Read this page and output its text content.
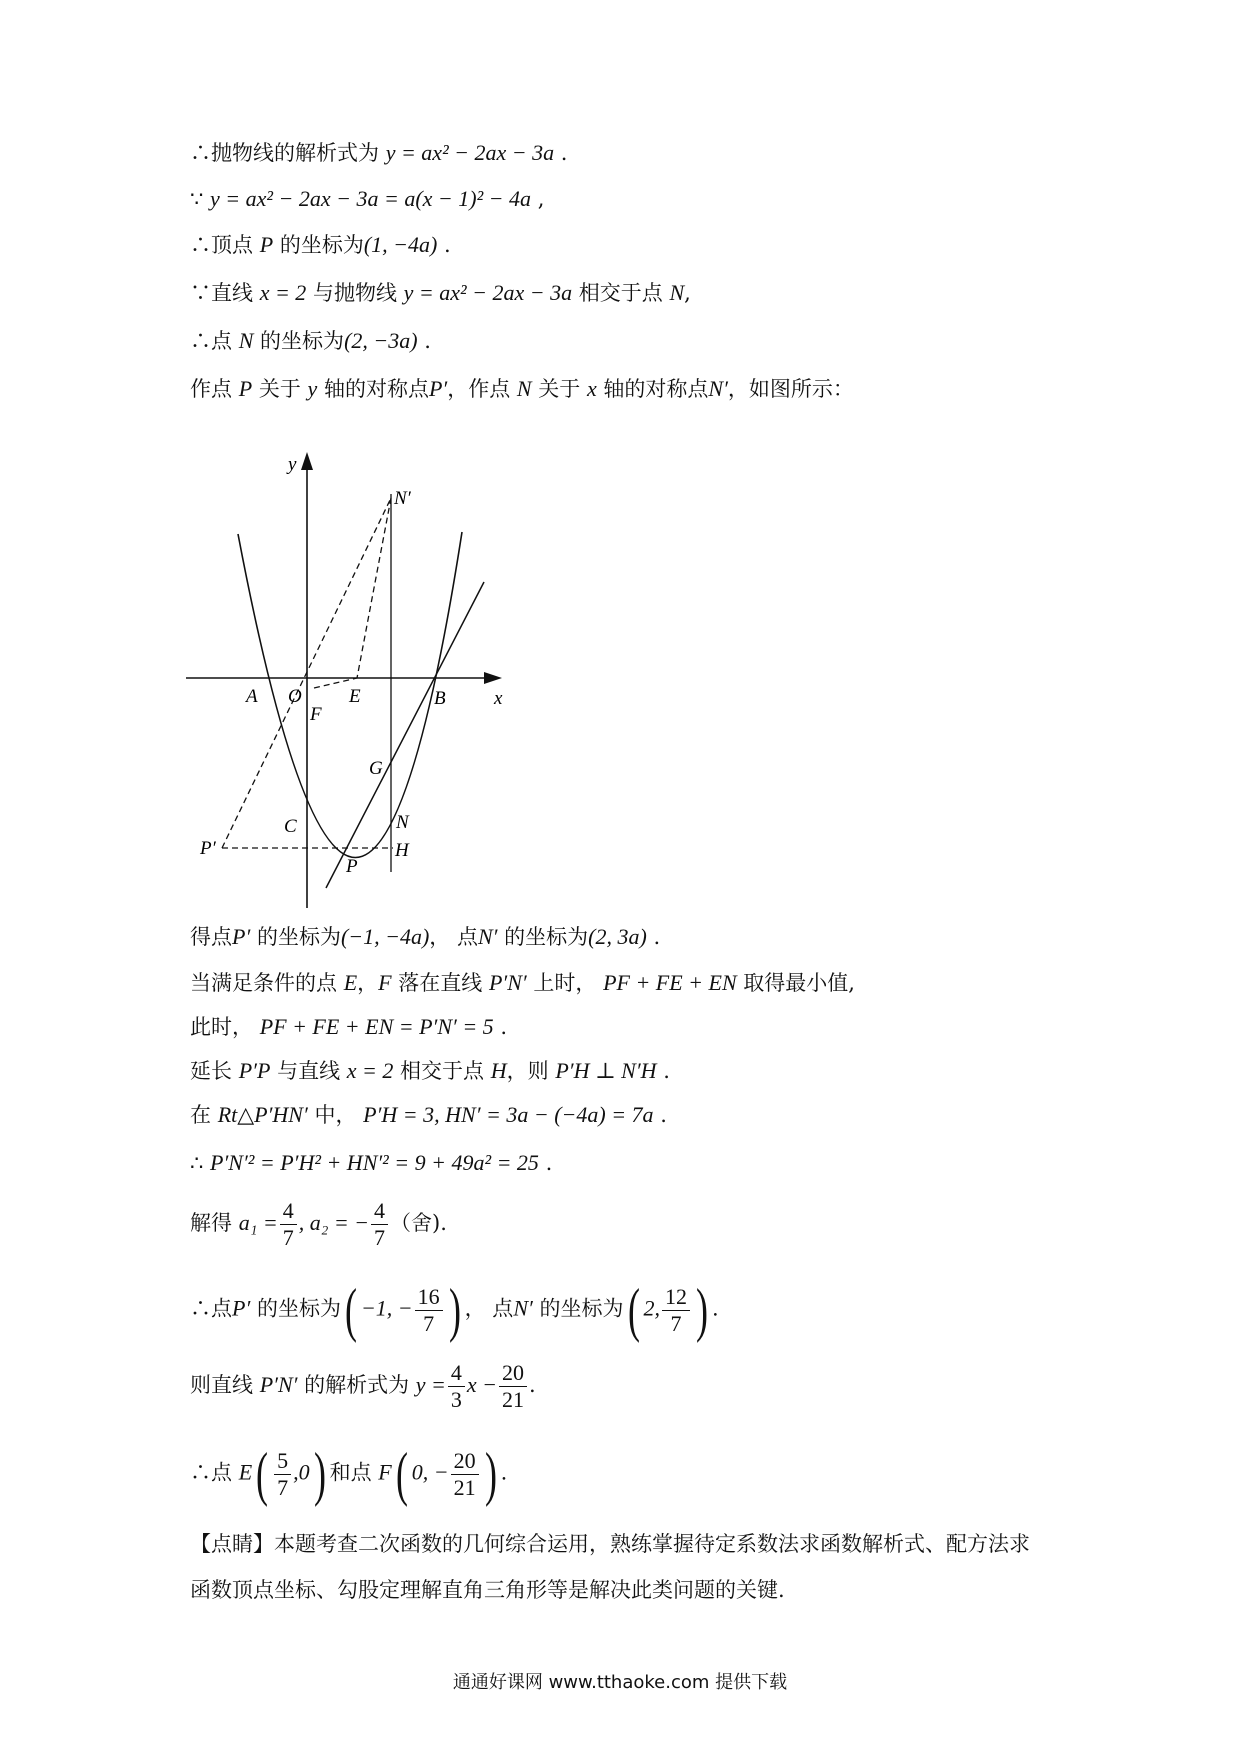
∴抛物线的解析式为 y = ax² − 2ax − 3a .
∵ y = ax² − 2ax − 3a = a(x − 1)² − 4a ,
∴顶点 P 的坐标为(1, −4a) .
∵直线 x = 2 与抛物线 y = ax² − 2ax − 3a 相交于点 N,
∴点 N 的坐标为(2, −3a) .
作点 P 关于 y 轴的对称点P′，作点 N 关于 x 轴的对称点N′，如图所示：
y
x
O
A	B
E
F
G
C	N
H
P
N′
P′
得点P′ 的坐标为(−1, −4a)， 点N′ 的坐标为(2, 3a) .
当满足条件的点 E，F 落在直线 P′N′ 上时， PF + FE + EN 取得最小值,
此时， PF + FE + EN = P′N′ = 5 .
延长 P′P 与直线 x = 2 相交于点 H，则 P′H ⊥ N′H .
在 Rt△P′HN′ 中， P′H = 3, HN′ = 3a − (−4a) = 7a .
∴ P′N′² = P′H² + HN′² = 9 + 49a² = 25 .
解得 $a_1 = \frac{4}{7}$ , a₂ = − $\frac{4}{7}$ （舍).
∴点P′ 的坐标为( −1, − $\frac{16}{7}$ ) ， 点N′ 的坐标为( 2, $\frac{12}{7}$ ) .
则直线 P′N′ 的解析式为 $y = \frac{4}{3}$ $x - \frac{20}{21}$ .
∴点 $E( \frac{5}{7} ,0)$ 和点 F( 0, − $\frac{20}{21}$ ) .
【点睛】本题考查二次函数的几何综合运用，熟练掌握待定系数法求函数解析式、配方法求
函数顶点坐标、勾股定理解直角三角形等是解决此类问题的关键.
通通好课网 www.tthaoke.com 提供下载
